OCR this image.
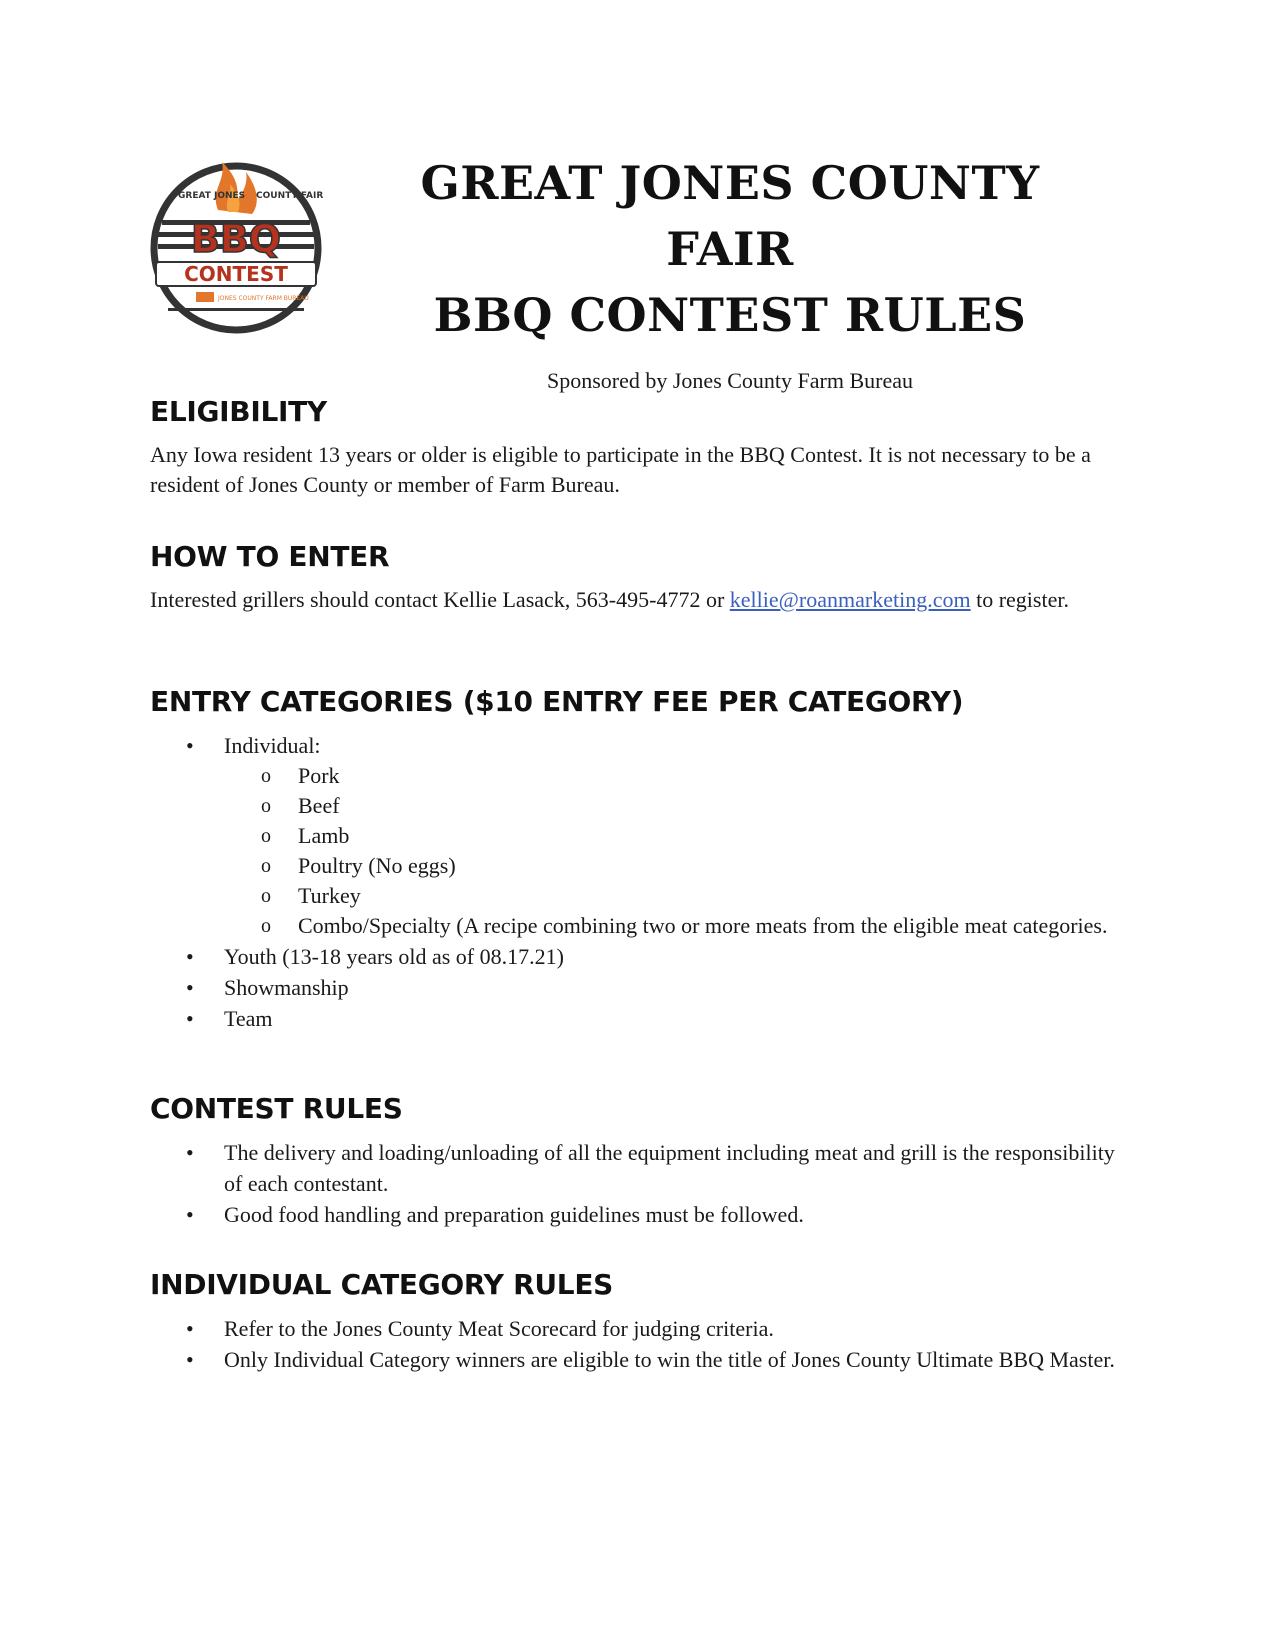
GREAT JONES COUNTY FAIR
BBQ
CONTEST
JONES COUNTY FARM BUREAU
GREAT JONES COUNTY FAIR
BBQ CONTEST RULES
Sponsored by Jones County Farm Bureau
ELIGIBILITY

Any Iowa resident 13 years or older is eligible to participate in the BBQ Contest. It is not necessary to be a resident of Jones County or member of Farm Bureau.

HOW TO ENTER

Interested grillers should contact Kellie Lasack, 563-495-4772 or kellie@roanmarketing.com to register.

ENTRY CATEGORIES ($10 ENTRY FEE PER CATEGORY)
• Individual:
o Pork
o Beef
o Lamb
o Poultry (No eggs)
o Turkey
o Combo/Specialty (A recipe combining two or more meats from the eligible meat categories.
• Youth (13-18 years old as of 08.17.21)
• Showmanship
• Team
CONTEST RULES
• The delivery and loading/unloading of all the equipment including meat and grill is the responsibility of each contestant.
• Good food handling and preparation guidelines must be followed.
INDIVIDUAL CATEGORY RULES
• Refer to the Jones County Meat Scorecard for judging criteria.
• Only Individual Category winners are eligible to win the title of Jones County Ultimate BBQ Master.
